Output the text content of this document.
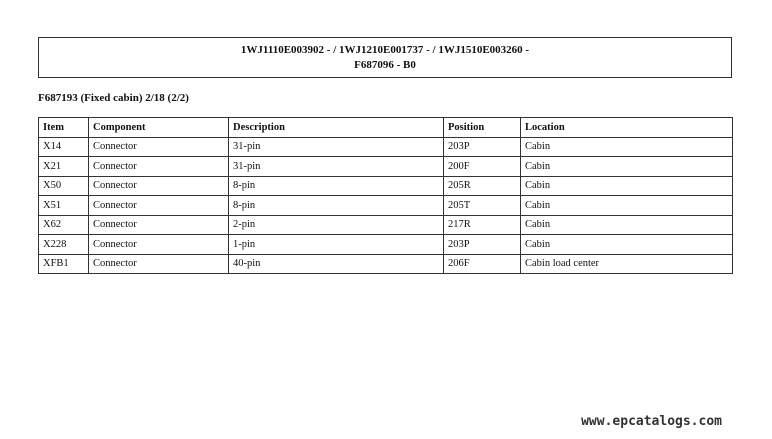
1WJ1110E003902 - / 1WJ1210E001737 - / 1WJ1510E003260 -
F687096 - B0
F687193 (Fixed cabin) 2/18 (2/2)
Item	Component	Description	Position	Location
X14	Connector	31-pin	203P	Cabin
X21	Connector	31-pin	200F	Cabin
X50	Connector	8-pin	205R	Cabin
X51	Connector	8-pin	205T	Cabin
X62	Connector	2-pin	217R	Cabin
X228	Connector	1-pin	203P	Cabin
XFB1	Connector	40-pin	206F	Cabin load center
www.epcatalogs.com
